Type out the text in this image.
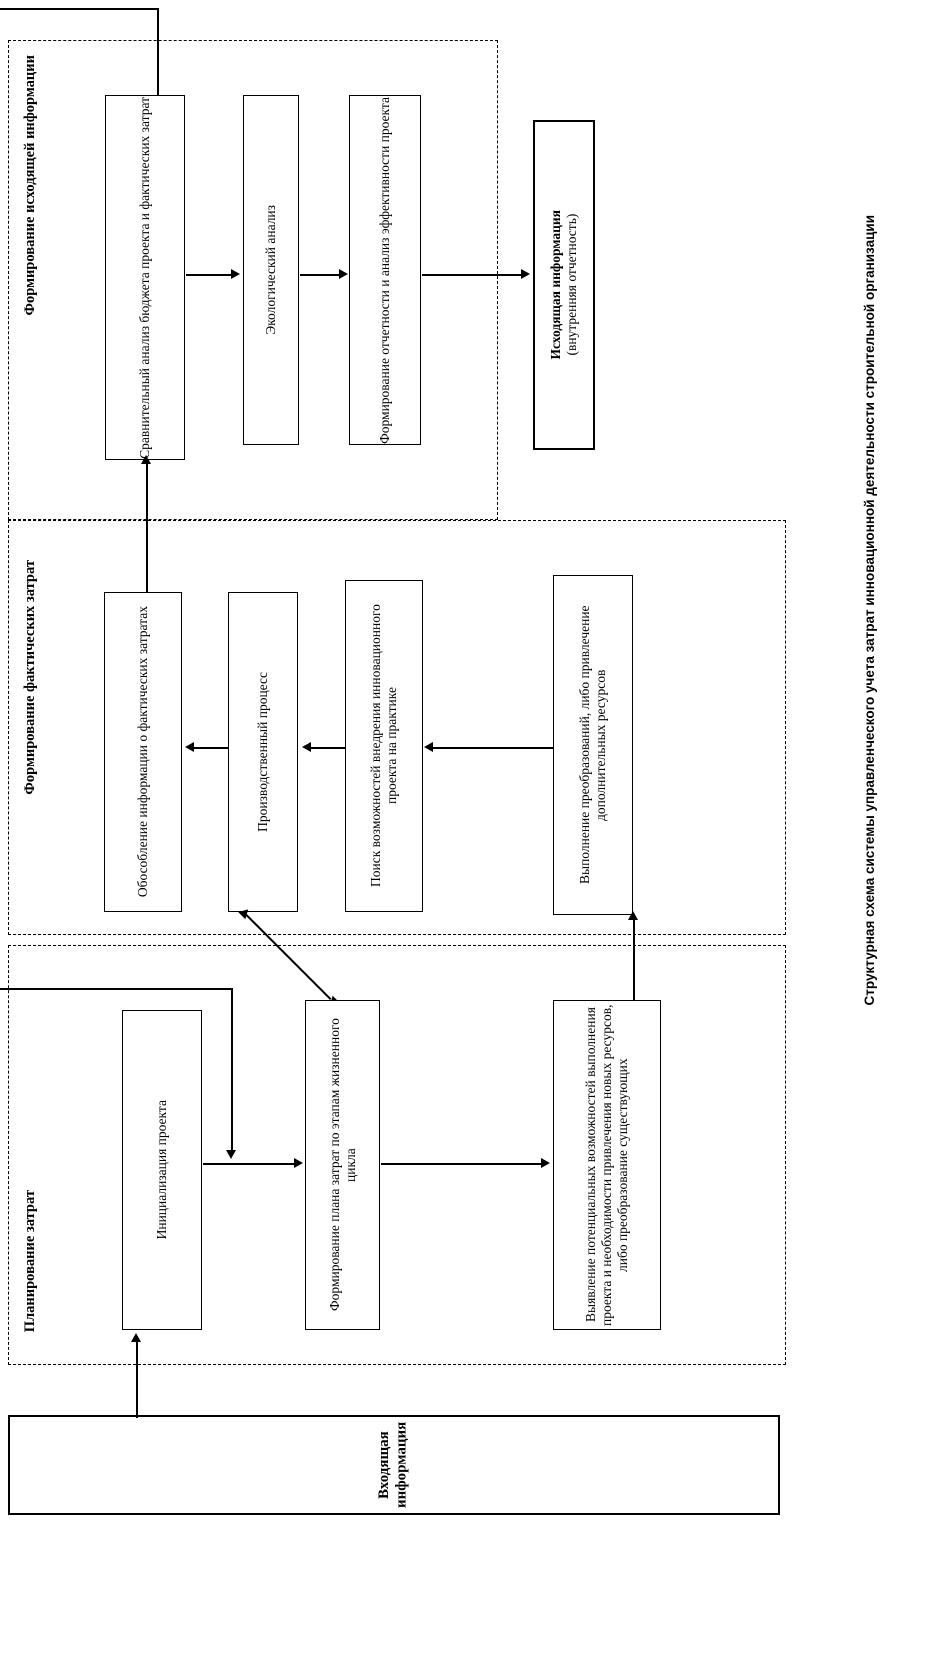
Формирование исходящей информации
Формирование фактических затрат
Планирование затрат
Сравнительный анализ бюджета проекта и фактических затрат	Экологический анализ	Формирование отчетности и анализ эффективности проекта	Исходящая информация
(внутренняя отчетность)
Обособление информации о фактических затратах	Производственный процесс	Поиск возможностей внедрения инновационного проекта на практике	Выполнение преобразований, либо привлечение дополнительных ресурсов
Инициализация проекта	Формирование плана затрат по этапам жизненного цикла	Выявление потенциальных возможностей выполнения проекта и необходимости привлечения новых ресурсов, либо преобразование существующих
Входящая информация
Структурная схема системы управленческого учета затрат инновационной деятельности строительной организации
